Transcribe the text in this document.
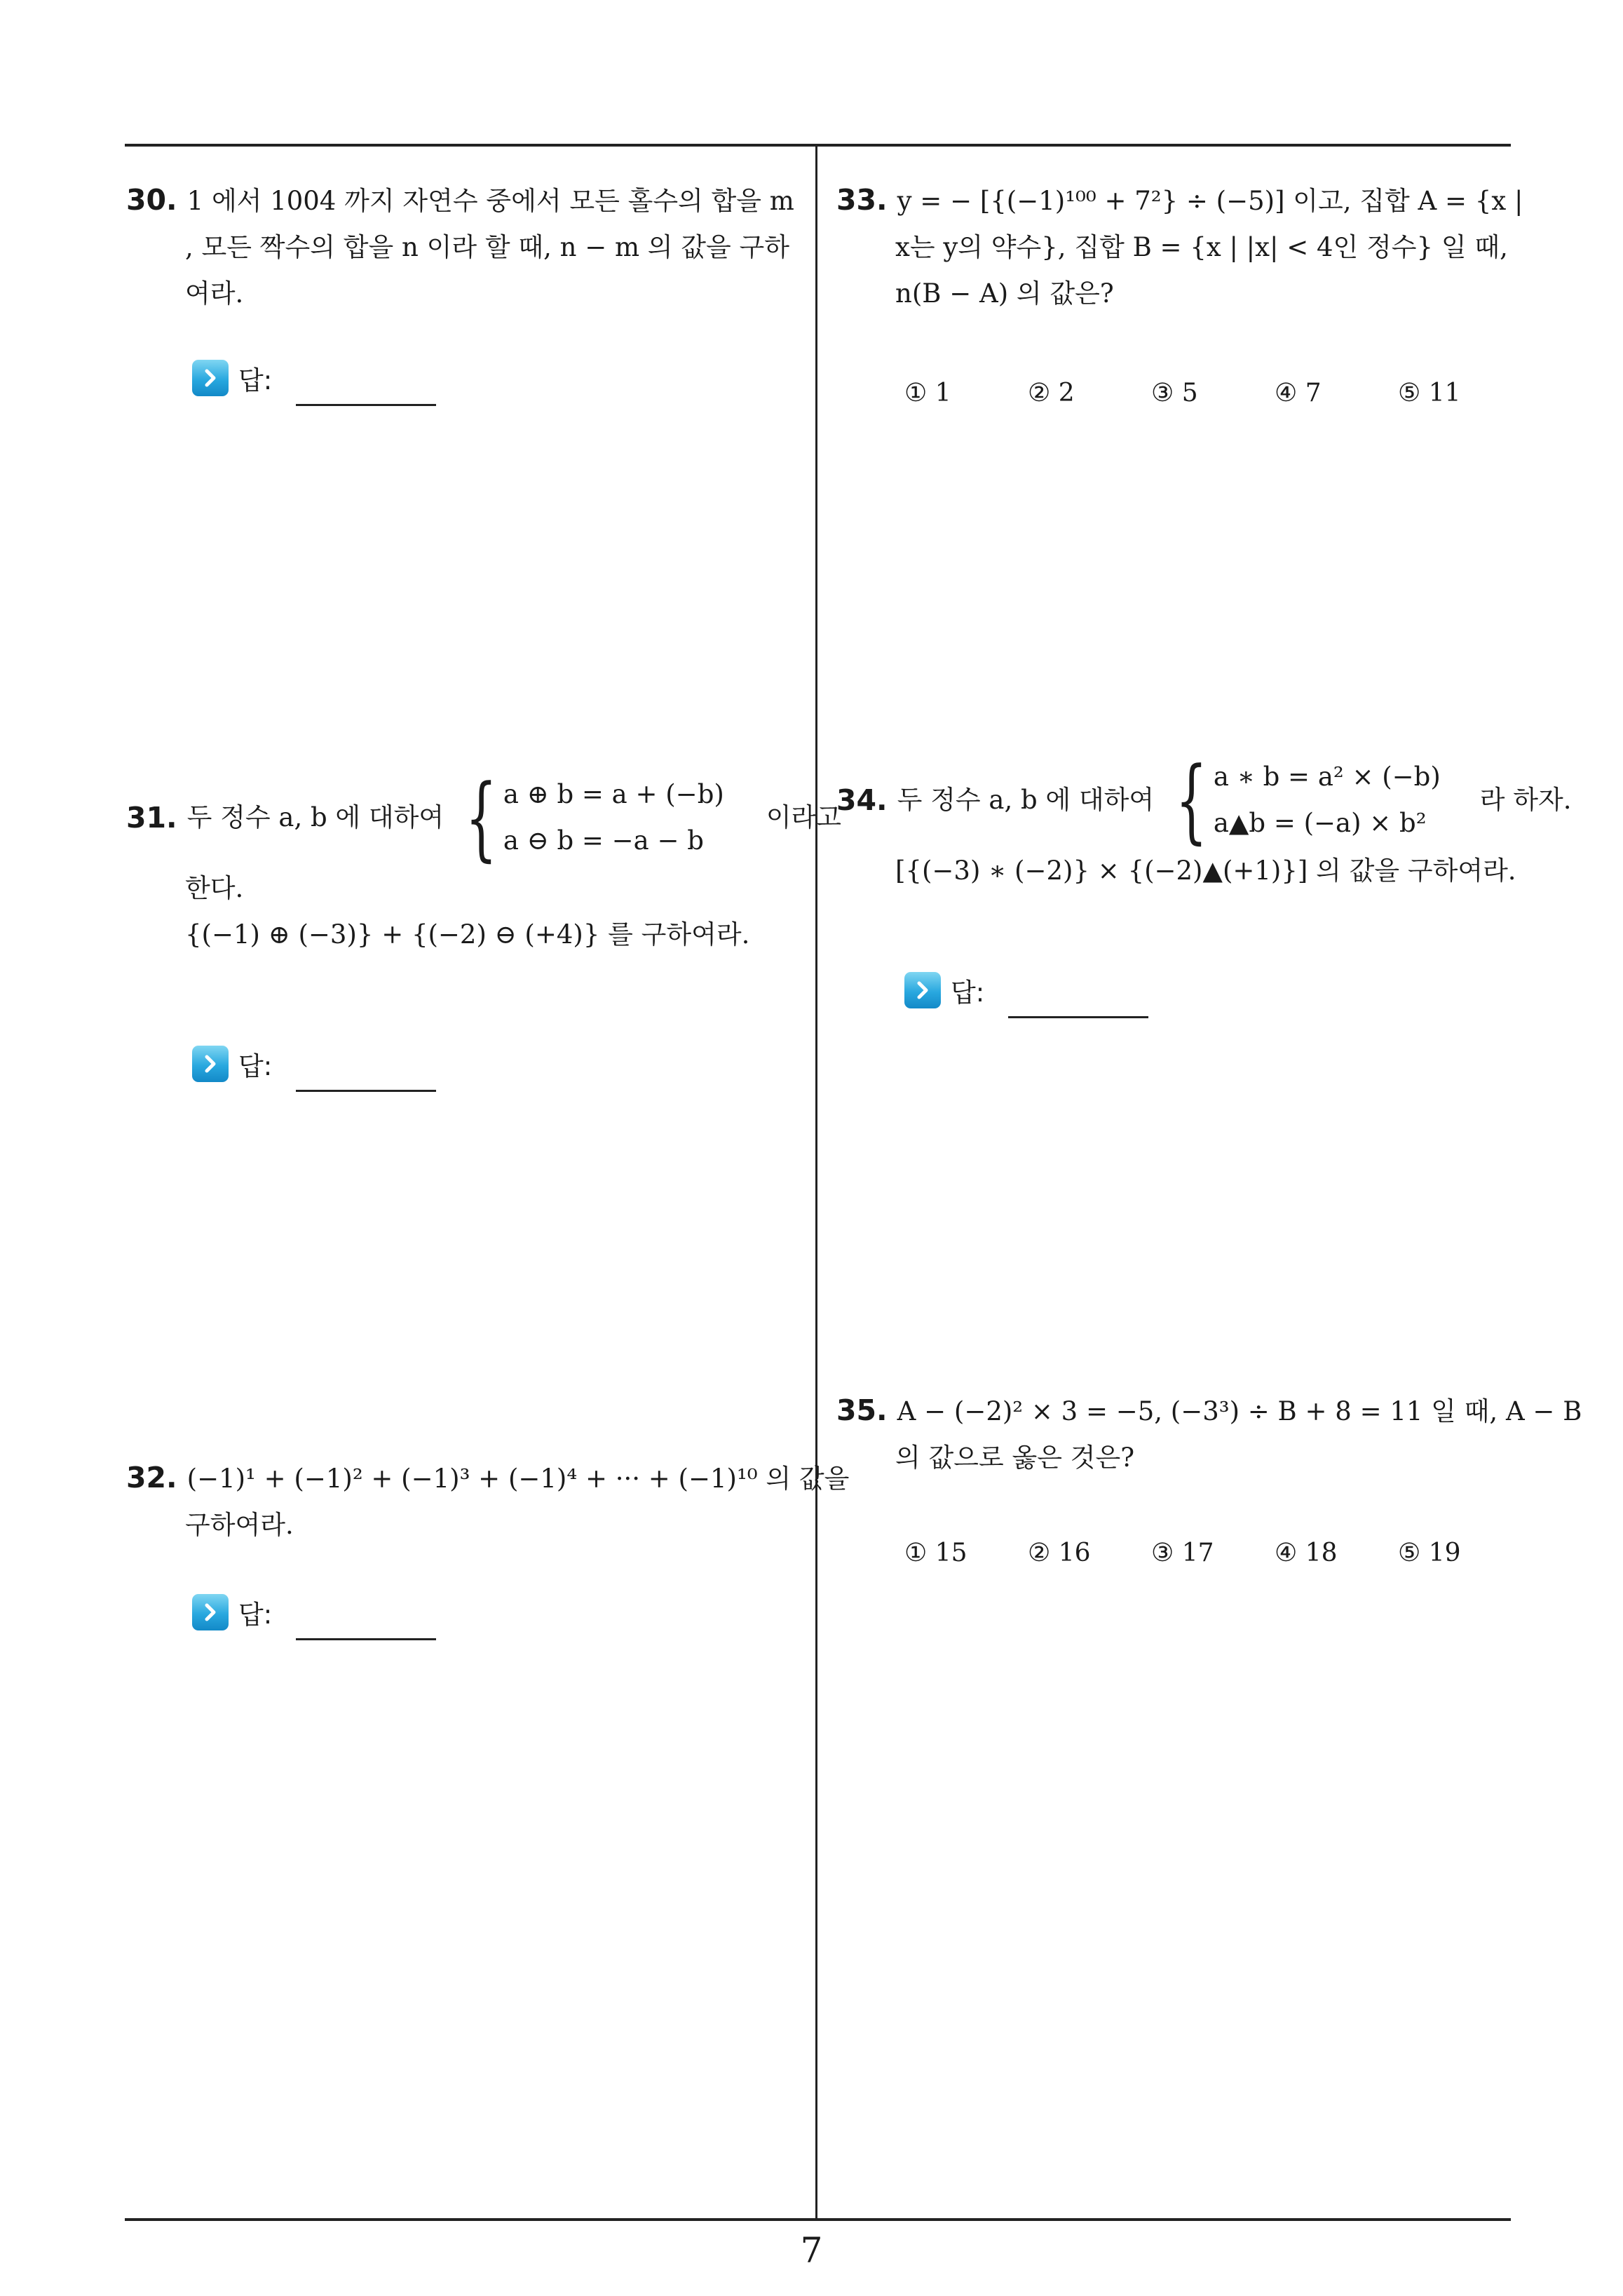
30. 1 에서 1004 까지 자연수 중에서 모든 홀수의 합을 m
, 모든 짝수의 합을 n 이라 할 때, n − m 의 값을 구하
여라.
답:
31. 두 정수 a, b 에 대하여 { a ⊕ b = a + (−b)
a ⊖ b = −a − b
이라고
한다.
{(−1) ⊕ (−3)} + {(−2) ⊖ (+4)} 를 구하여라.
답:
32. (−1)¹ + (−1)² + (−1)³ + (−1)⁴ + ··· + (−1)¹⁰ 의 값을
구하여라.
답:
33. y = − [{(−1)¹⁰⁰ + 7²} ÷ (−5)] 이고, 집합 A = {x |
x는 y의 약수}, 집합 B = {x | |x| < 4인 정수} 일 때,
n(B − A) 의 값은?
① 1	② 2	③ 5	④ 7	⑤ 11
34. 두 정수 a, b 에 대하여 { a ∗ b = a² × (−b)
a▲b = (−a) × b²
라 하자.
[{(−3) ∗ (−2)} × {(−2)▲(+1)}] 의 값을 구하여라.
답:
35. A − (−2)² × 3 = −5, (−3³) ÷ B + 8 = 11 일 때, A − B
의 값으로 옳은 것은?
① 15	② 16	③ 17	④ 18	⑤ 19
7
